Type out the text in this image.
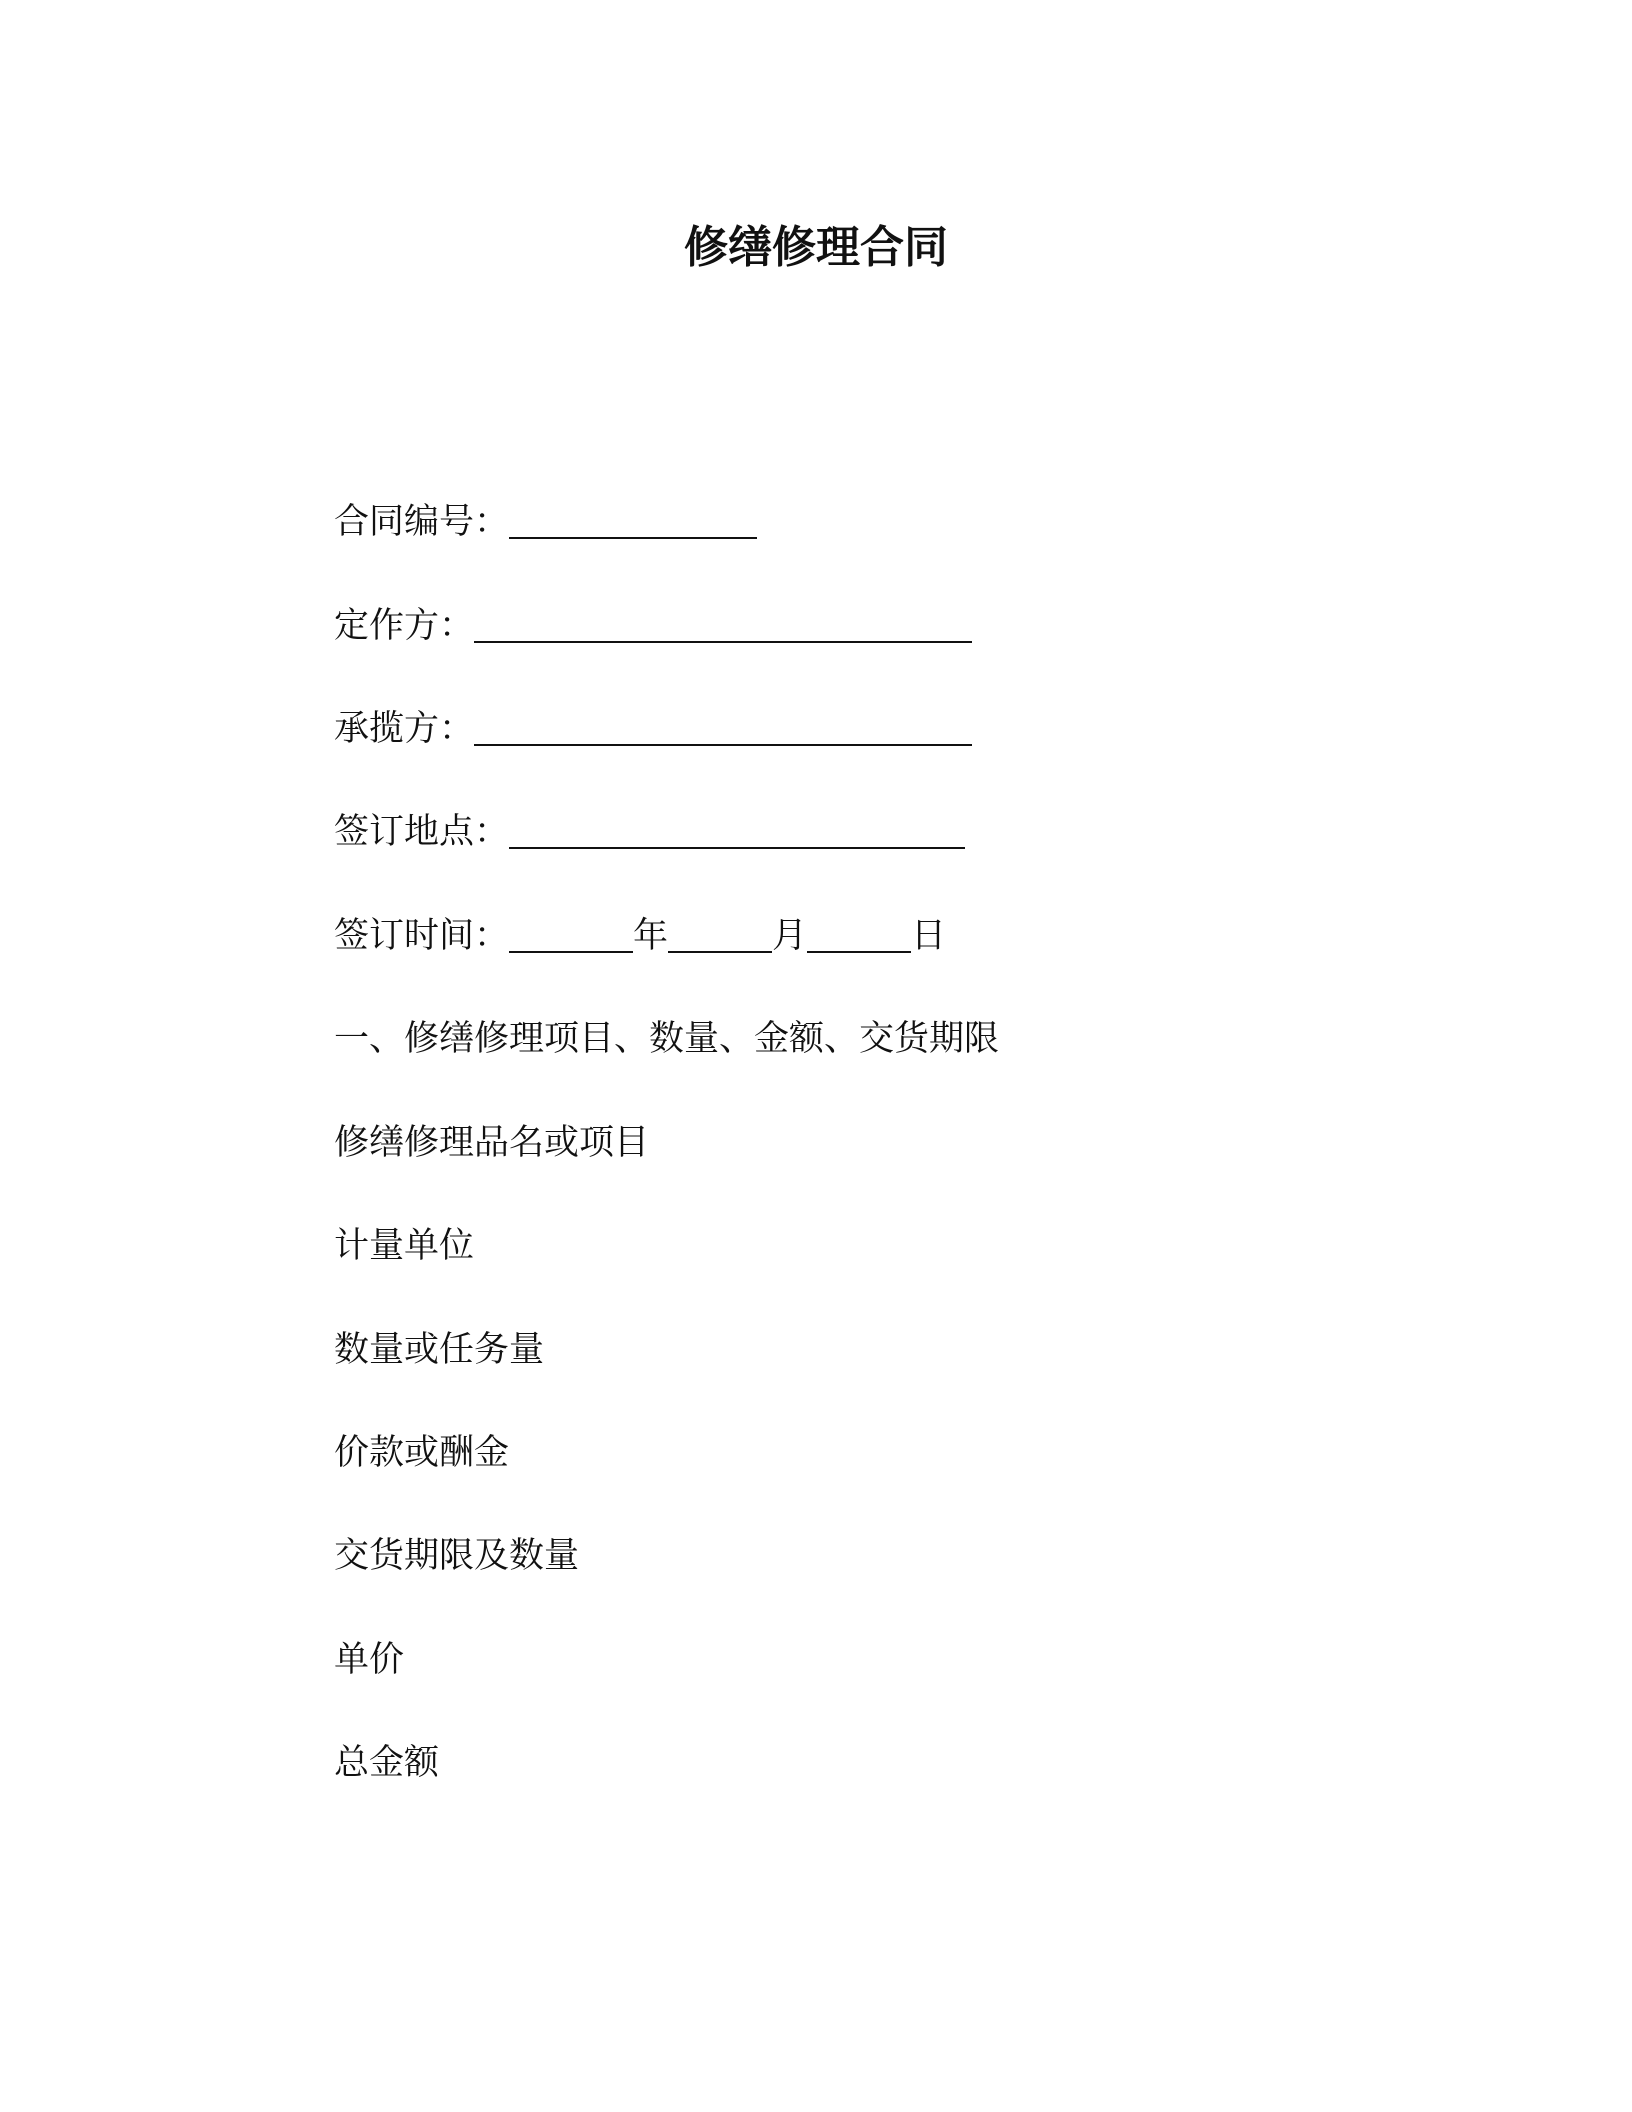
修缮修理合同

合同编号：

定作方：

承揽方：

签订地点：

签订时间：	年	月	日

一、修缮修理项目、数量、金额、交货期限

修缮修理品名或项目

计量单位

数量或任务量

价款或酬金

交货期限及数量

单价

总金额
